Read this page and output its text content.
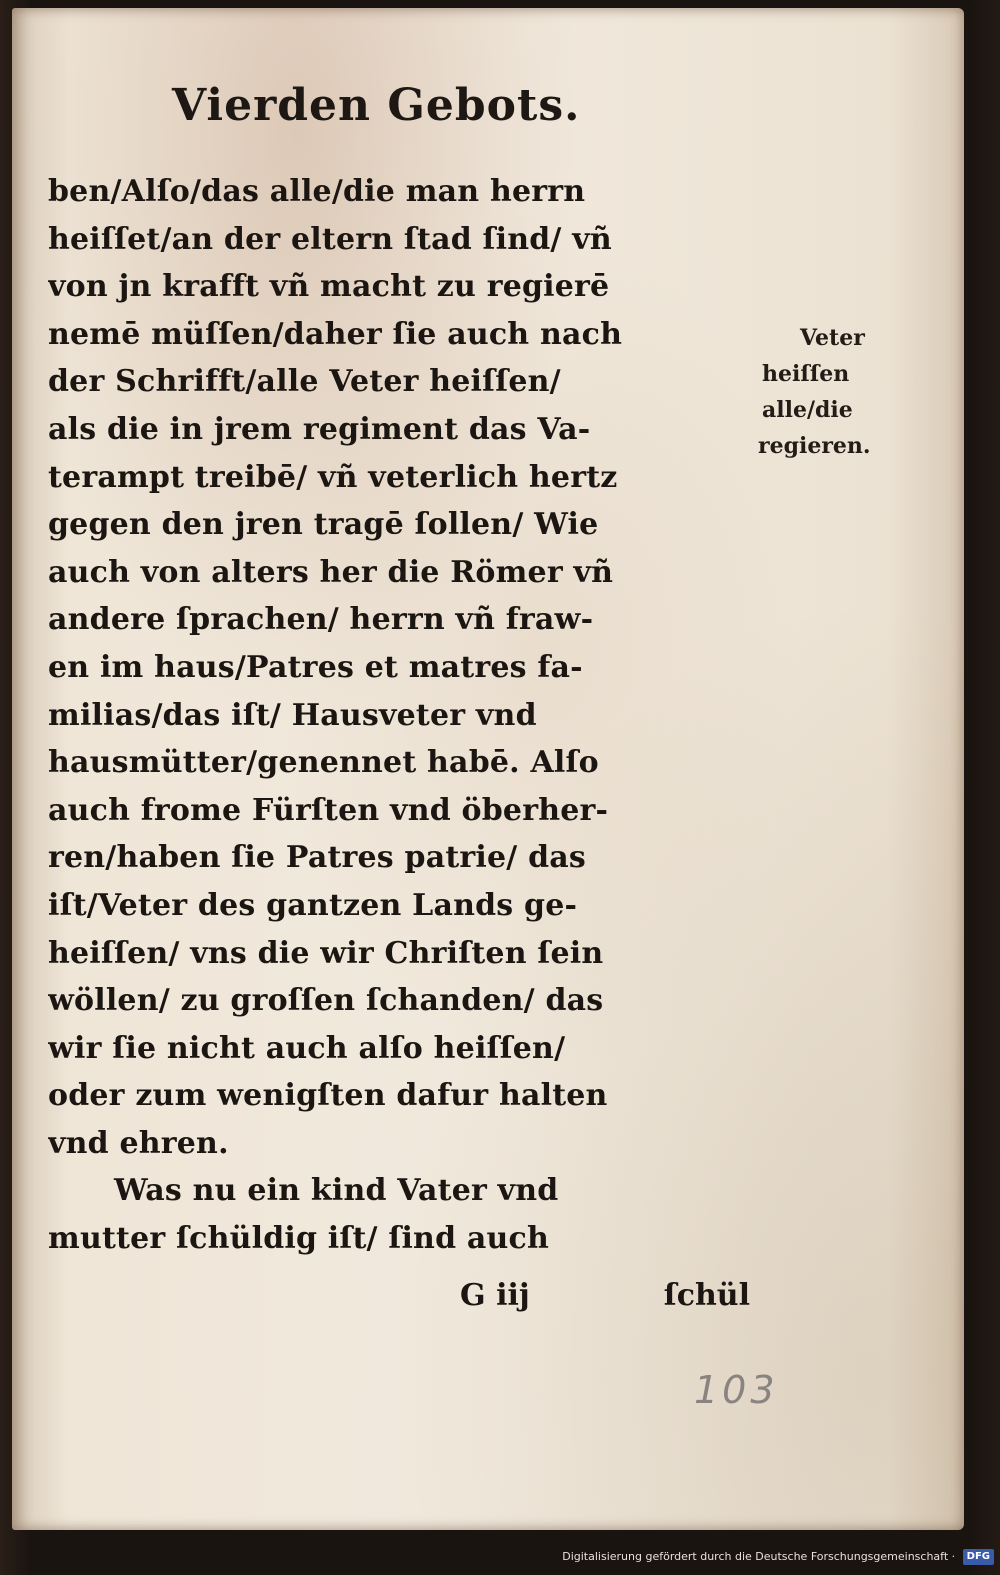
Vierden Gebots.
ben/Alſo/das alle/die man herrn
heiſſet/an der eltern ſtad ſind/ vñ
von jn krafft vñ macht zu regierē
nemē müſſen/daher ſie auch nach
der Schrifft/alle Veter heiſſen/
als die in jrem regiment das Va-
terampt treibē/ vñ veterlich hertz
gegen den jren tragē ſollen/ Wie
auch von alters her die Römer vñ
andere ſprachen/ herrn vñ fraw-
en im haus/Patres et matres fa-
milias/das iſt/ Hausveter vnd
hausmütter/genennet habē. Alſo
auch frome Fürſten vnd öberher-
ren/haben ſie Patres patrie/ das
iſt/Veter des gantzen Lands ge-
heiſſen/ vns die wir Chriſten ſein
wöllen/ zu groſſen ſchanden/ das
wir ſie nicht auch alſo heiſſen/
oder zum wenigſten dafur halten
vnd ehren.
Was nu ein kind Vater vnd
mutter ſchüldig iſt/ ſind auch
G iij	ſchül
Veter
heiſſen
alle/die
regieren.
103
Digitalisierung gefördert durch die Deutsche Forschungsgemeinschaft · DFG
